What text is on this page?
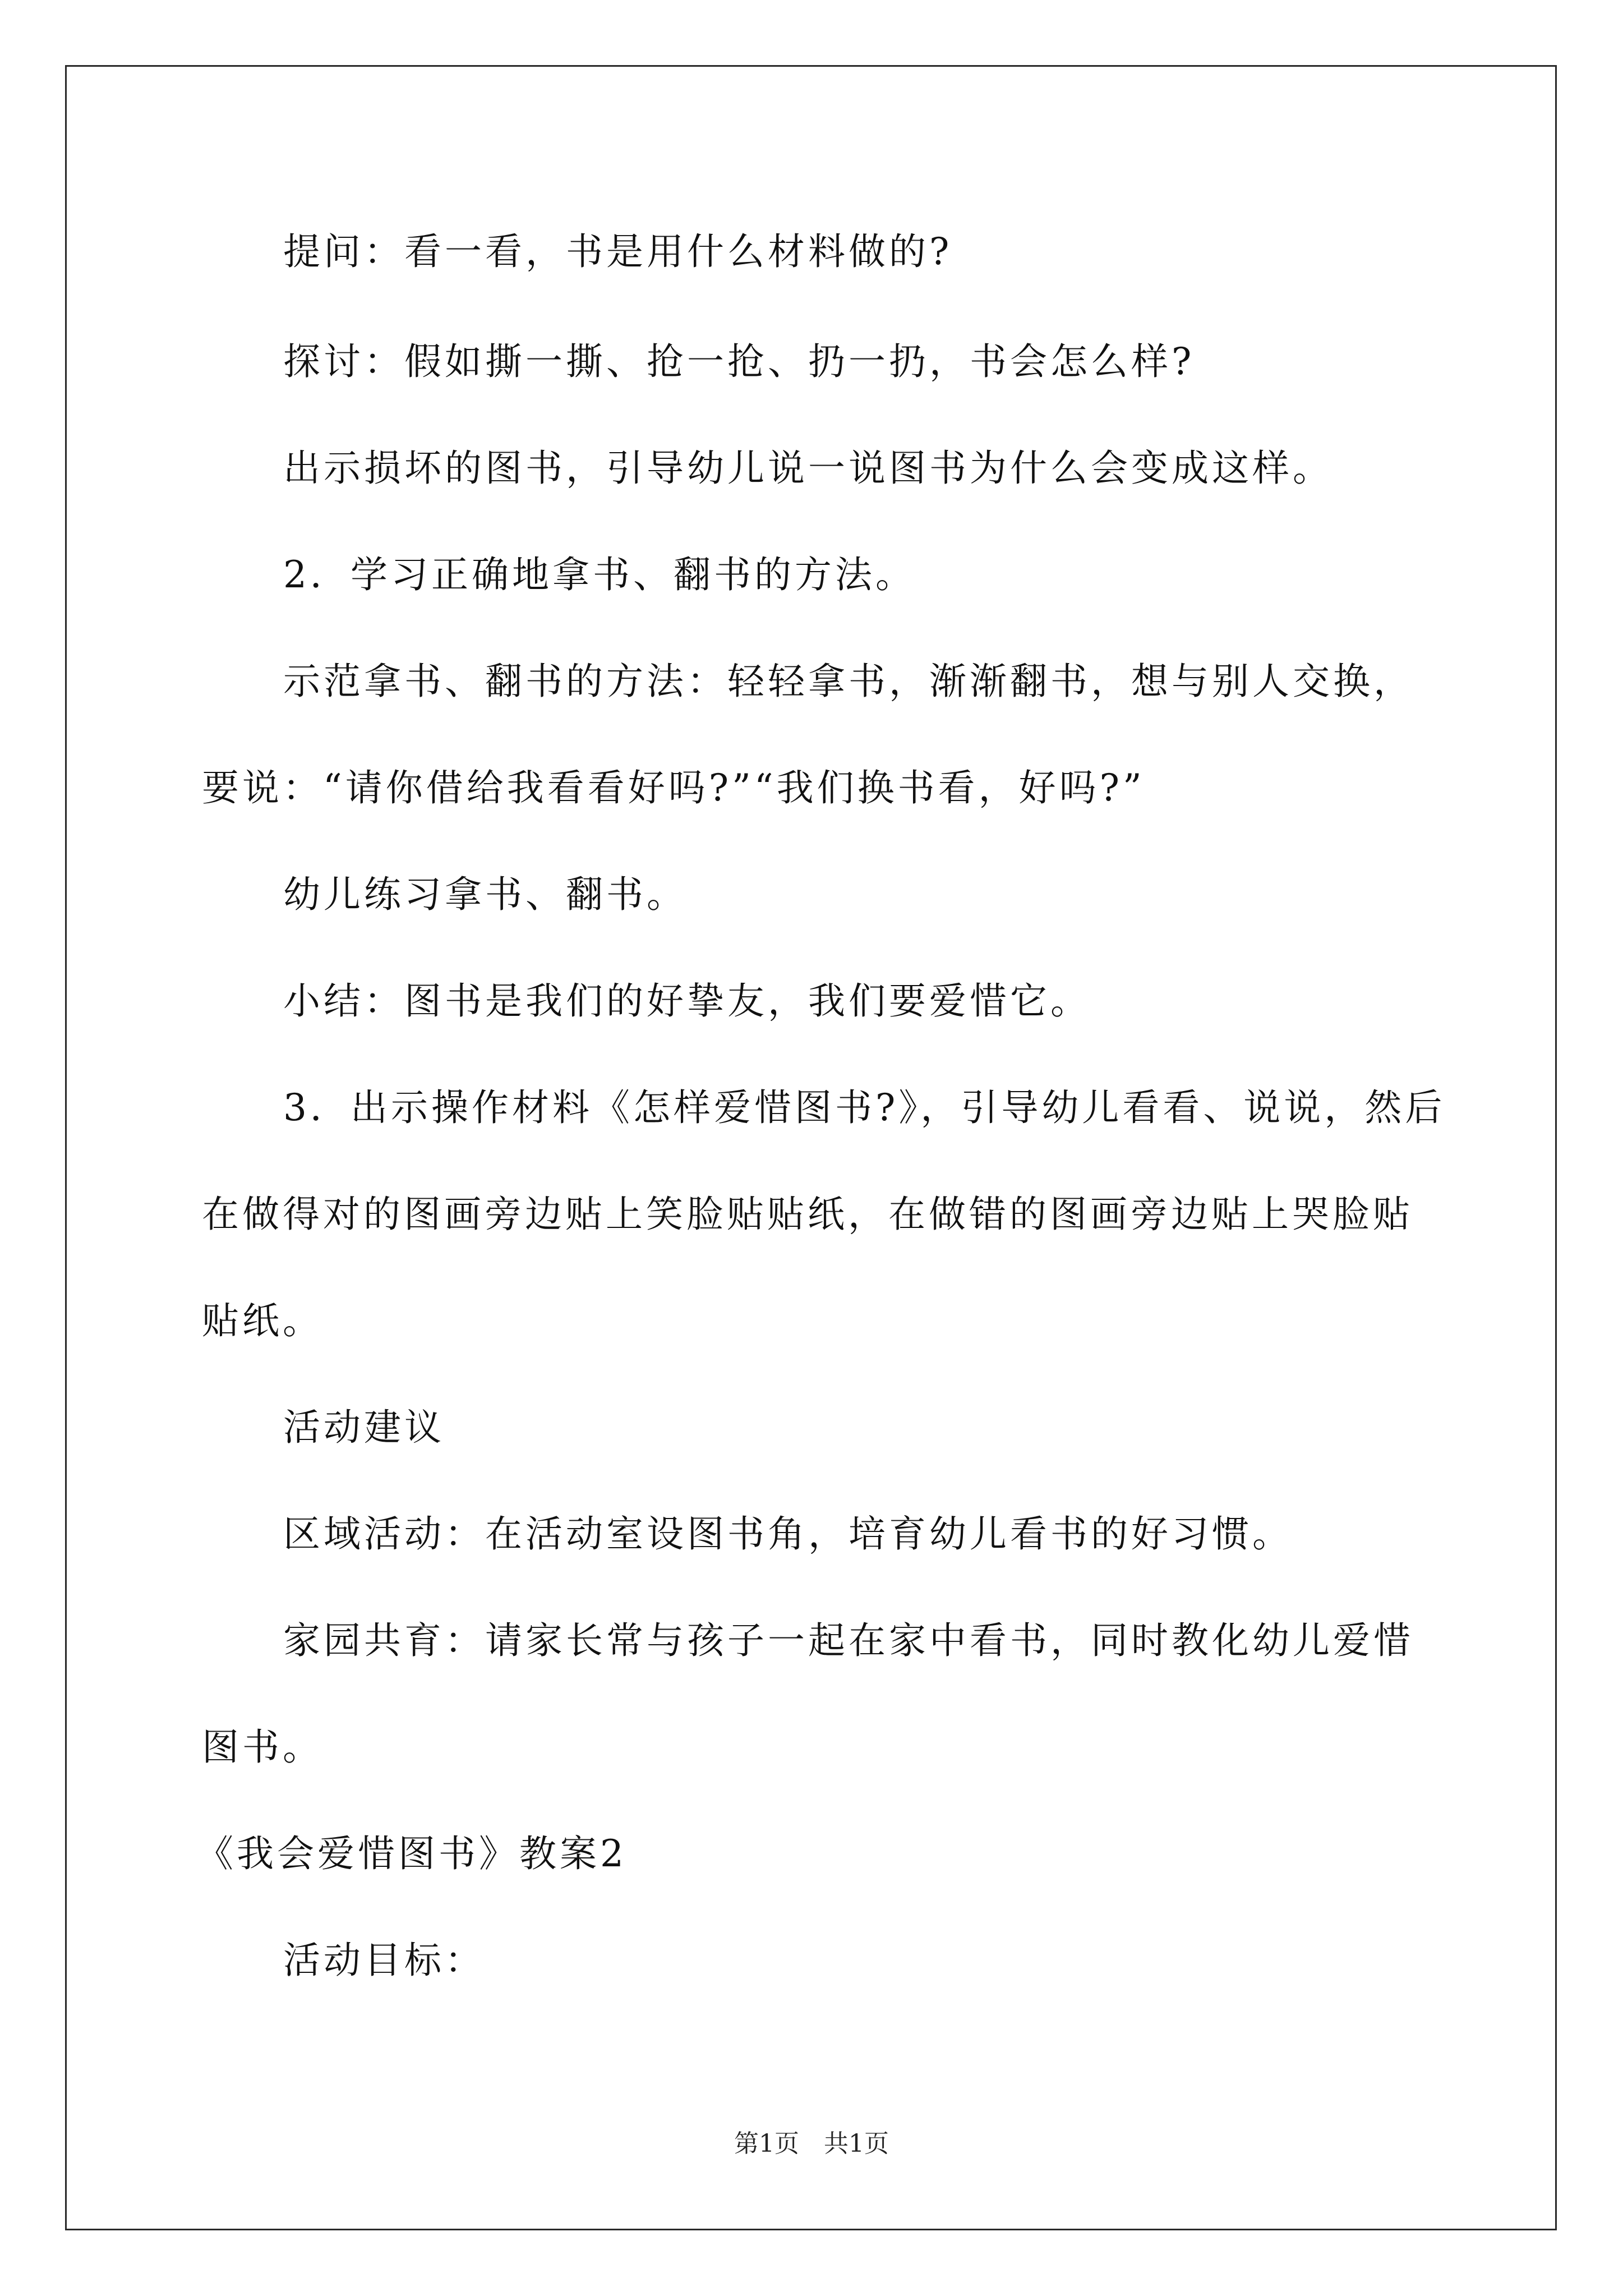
提问：看一看，书是用什么材料做的?
探讨：假如撕一撕、抢一抢、扔一扔，书会怎么样?
出示损坏的图书，引导幼儿说一说图书为什么会变成这样。
2．学习正确地拿书、翻书的方法。
示范拿书、翻书的方法：轻轻拿书，渐渐翻书，想与别人交换，
要说：“请你借给我看看好吗?”“我们换书看，好吗?”
幼儿练习拿书、翻书。
小结：图书是我们的好挚友，我们要爱惜它。
3．出示操作材料《怎样爱惜图书?》，引导幼儿看看、说说，然后
在做得对的图画旁边贴上笑脸贴贴纸，在做错的图画旁边贴上哭脸贴
贴纸。
活动建议
区域活动：在活动室设图书角，培育幼儿看书的好习惯。
家园共育：请家长常与孩子一起在家中看书，同时教化幼儿爱惜
图书。
《我会爱惜图书》教案2
活动目标：
第1页　共1页
